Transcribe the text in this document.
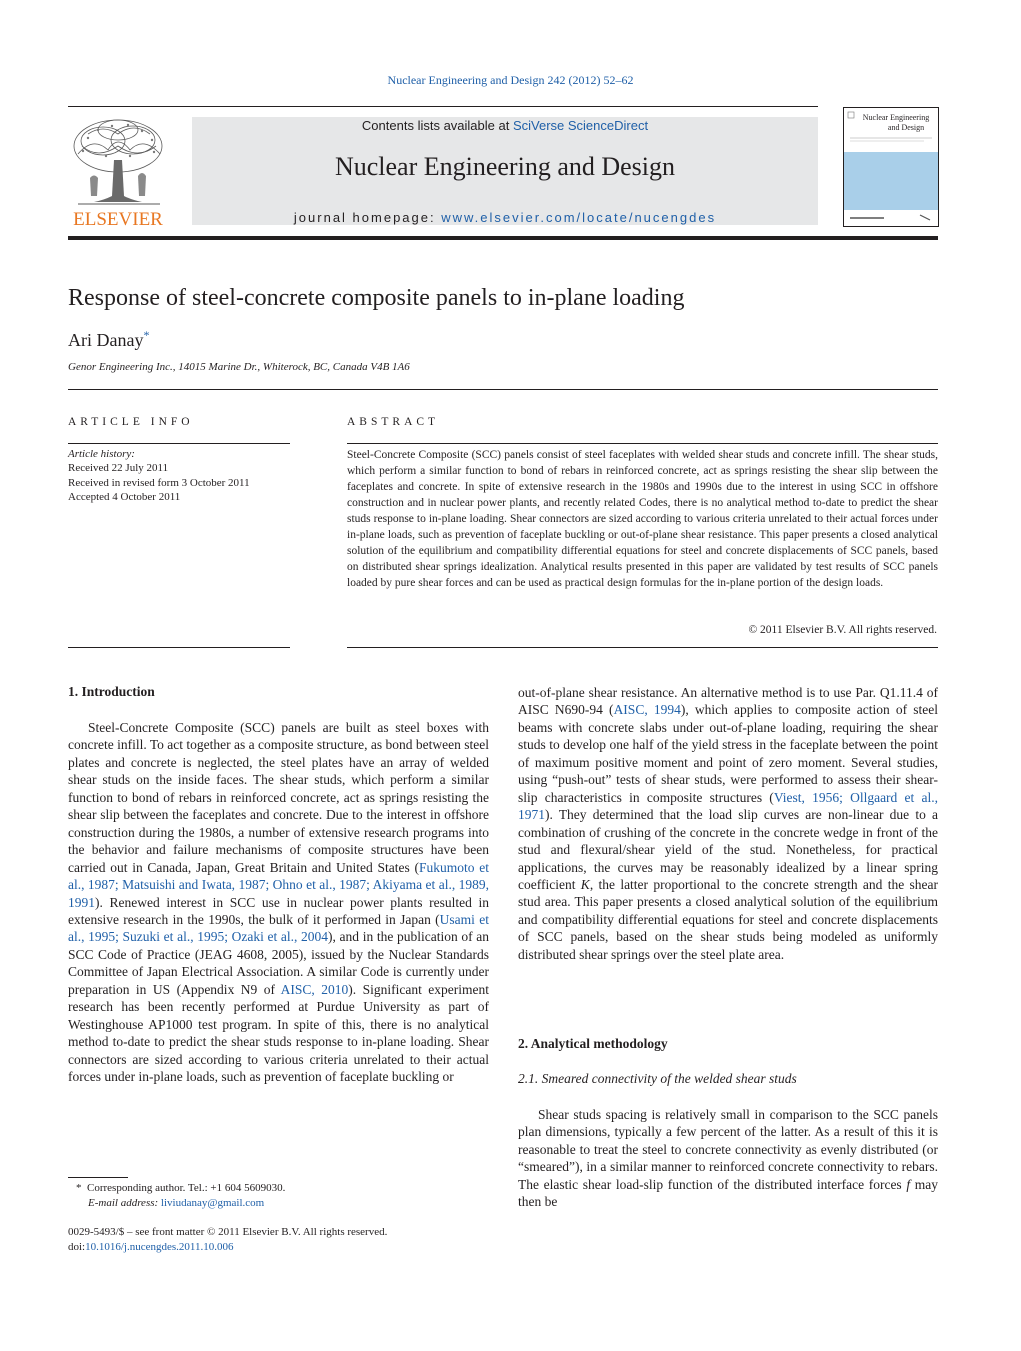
Nuclear Engineering and Design 242 (2012) 52–62
ELSEVIER
Contents lists available at SciVerse ScienceDirect
Nuclear Engineering and Design
journal homepage: www.elsevier.com/locate/nucengdes
Nuclear Engineering
and Design
Response of steel-concrete composite panels to in-plane loading
Ari Danay*
Genor Engineering Inc., 14015 Marine Dr., Whiterock, BC, Canada V4B 1A6
ARTICLE INFO	ABSTRACT
Article history:
Received 22 July 2011
Received in revised form 3 October 2011
Accepted 4 October 2011
Steel-Concrete Composite (SCC) panels consist of steel faceplates with welded shear studs and concrete infill. The shear studs, which perform a similar function to bond of rebars in reinforced concrete, act as springs resisting the shear slip between the faceplates and concrete. In spite of extensive research in the 1980s and 1990s due to the interest in using SCC in offshore construction and in nuclear power plants, and recently related Codes, there is no analytical method to-date to predict the shear studs response to in-plane loading. Shear connectors are sized according to various criteria unrelated to their actual forces under in-plane loads, such as prevention of faceplate buckling or out-of-plane shear resistance. This paper presents a closed analytical solution of the equilibrium and compatibility differential equations for steel and concrete displacements of SCC panels, based on distributed shear springs idealization. Analytical results presented in this paper are validated by test results of SCC panels loaded by pure shear forces and can be used as practical design formulas for the in-plane portion of the design loads.
© 2011 Elsevier B.V. All rights reserved.
1. Introduction

Steel-Concrete Composite (SCC) panels are built as steel boxes with concrete infill. To act together as a composite structure, as bond between steel plates and concrete is neglected, the steel plates have an array of welded shear studs on the inside faces. The shear studs, which perform a similar function to bond of rebars in reinforced concrete, act as springs resisting the shear slip between the faceplates and concrete. Due to the interest in offshore construction during the 1980s, a number of extensive research programs into the behavior and failure mechanisms of composite structures have been carried out in Canada, Japan, Great Britain and United States (Fukumoto et al., 1987; Matsuishi and Iwata, 1987; Ohno et al., 1987; Akiyama et al., 1989, 1991). Renewed interest in SCC use in nuclear power plants resulted in extensive research in the 1990s, the bulk of it performed in Japan (Usami et al., 1995; Suzuki et al., 1995; Ozaki et al., 2004), and in the publication of an SCC Code of Practice (JEAG 4608, 2005), issued by the Nuclear Standards Committee of Japan Electrical Association. A similar Code is currently under preparation in US (Appendix N9 of AISC, 2010). Significant experiment research has been recently performed at Purdue University as part of Westinghouse AP1000 test program. In spite of this, there is no analytical method to-date to predict the shear studs response to in-plane loading. Shear connectors are sized according to various criteria unrelated to their actual forces under in-plane loads, such as prevention of faceplate buckling or

out-of-plane shear resistance. An alternative method is to use Par. Q1.11.4 of AISC N690-94 (AISC, 1994), which applies to composite action of steel beams with concrete slabs under out-of-plane loading, requiring the shear studs to develop one half of the yield stress in the faceplate between the point of maximum positive moment and point of zero moment. Several studies, using “push-out” tests of shear studs, were performed to assess their shear-slip characteristics in composite structures (Viest, 1956; Ollgaard et al., 1971). They determined that the load slip curves are non-linear due to a combination of crushing of the concrete in the concrete wedge in front of the stud and flexural/shear yield of the stud. Nonetheless, for practical applications, the curves may be reasonably idealized by a linear spring coefficient K, the latter proportional to the concrete strength and the shear stud area. This paper presents a closed analytical solution of the equilibrium and compatibility differential equations for steel and concrete displacements of SCC panels, based on the shear studs being modeled as uniformly distributed shear springs over the steel plate area.

2. Analytical methodology
2.1. Smeared connectivity of the welded shear studs

Shear studs spacing is relatively small in comparison to the SCC panels plan dimensions, typically a few percent of the latter. As a result of this it is reasonable to treat the steel to concrete connectivity as evenly distributed (or “smeared”), in a similar manner to reinforced concrete connectivity to rebars. The elastic shear load-slip function of the distributed interface forces f may then be

* Corresponding author. Tel.: +1 604 5609030.
E-mail address: liviudanay@gmail.com
0029-5493/$ – see front matter © 2011 Elsevier B.V. All rights reserved.
doi:10.1016/j.nucengdes.2011.10.006
